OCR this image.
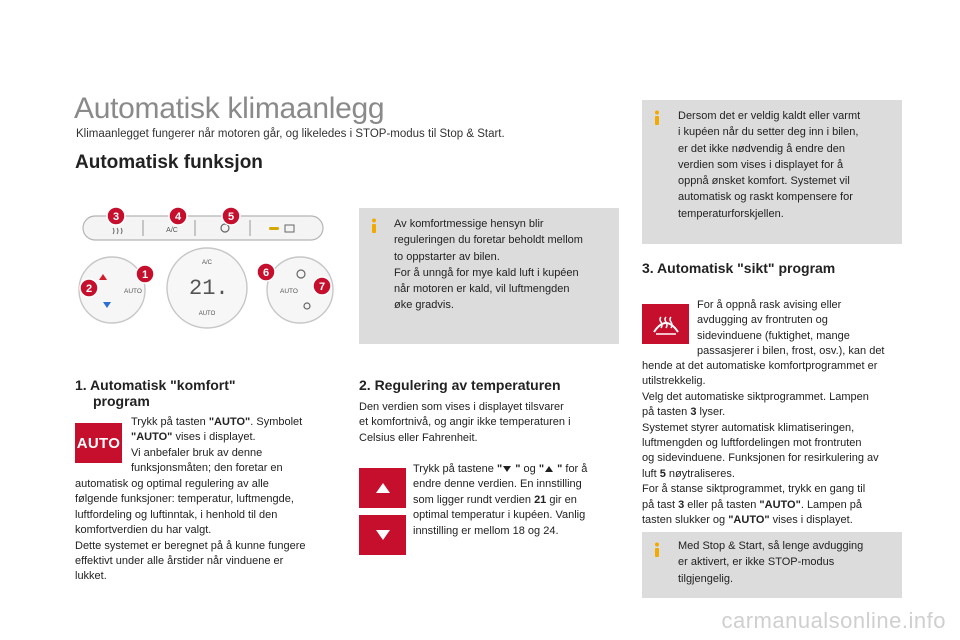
Automatisk klimaanlegg
Klimaanlegget fungerer når motoren går, og likeledes i STOP-modus til Stop & Start.
Automatisk funksjon
A/C
AUTO
A/C
21.
AUTO
AUTO
3	4	5
1
2
6
7
Av komfortmessige hensyn blir
reguleringen du foretar beholdt mellom
to oppstarter av bilen.
For å unngå for mye kald luft i kupéen
når motoren er kald, vil luftmengden
øke gradvis.
Dersom det er veldig kaldt eller varmt
i kupéen når du setter deg inn i bilen,
er det ikke nødvendig å endre den
verdien som vises i displayet for å
oppnå ønsket komfort. Systemet vil
automatisk og raskt kompensere for
temperaturforskjellen.
1. Automatisk "komfort"
program
AUTO
Trykk på tasten "AUTO". Symbolet
"AUTO" vises i displayet.
Vi anbefaler bruk av denne
funksjonsmåten; den foretar en
automatisk og optimal regulering av alle
følgende funksjoner: temperatur, luftmengde,
luftfordeling og luftinntak, i henhold til den
komfortverdien du har valgt.
Dette systemet er beregnet på å kunne fungere
effektivt under alle årstider når vinduene er
lukket.
2. Regulering av temperaturen
Den verdien som vises i displayet tilsvarer
et komfortnivå, og angir ikke temperaturen i
Celsius eller Fahrenheit.
Trykk på tastene " " og " " for å
endre denne verdien. En innstilling
som ligger rundt verdien 21 gir en
optimal temperatur i kupéen. Vanlig
innstilling er mellom 18 og 24.
3. Automatisk "sikt" program
For å oppnå rask avising eller
avdugging av frontruten og
sidevinduene (fuktighet, mange
passasjerer i bilen, frost, osv.), kan det
hende at det automatiske komfortprogrammet er
utilstrekkelig.
Velg det automatiske siktprogrammet. Lampen
på tasten 3 lyser.
Systemet styrer automatisk klimatiseringen,
luftmengden og luftfordelingen mot frontruten
og sidevinduene. Funksjonen for resirkulering av
luft 5 nøytraliseres.
For å stanse siktprogrammet, trykk en gang til
på tast 3 eller på tasten "AUTO". Lampen på
tasten slukker og "AUTO" vises i displayet.
Med Stop & Start, så lenge avdugging
er aktivert, er ikke STOP-modus
tilgjengelig.
carmanualsonline.info
